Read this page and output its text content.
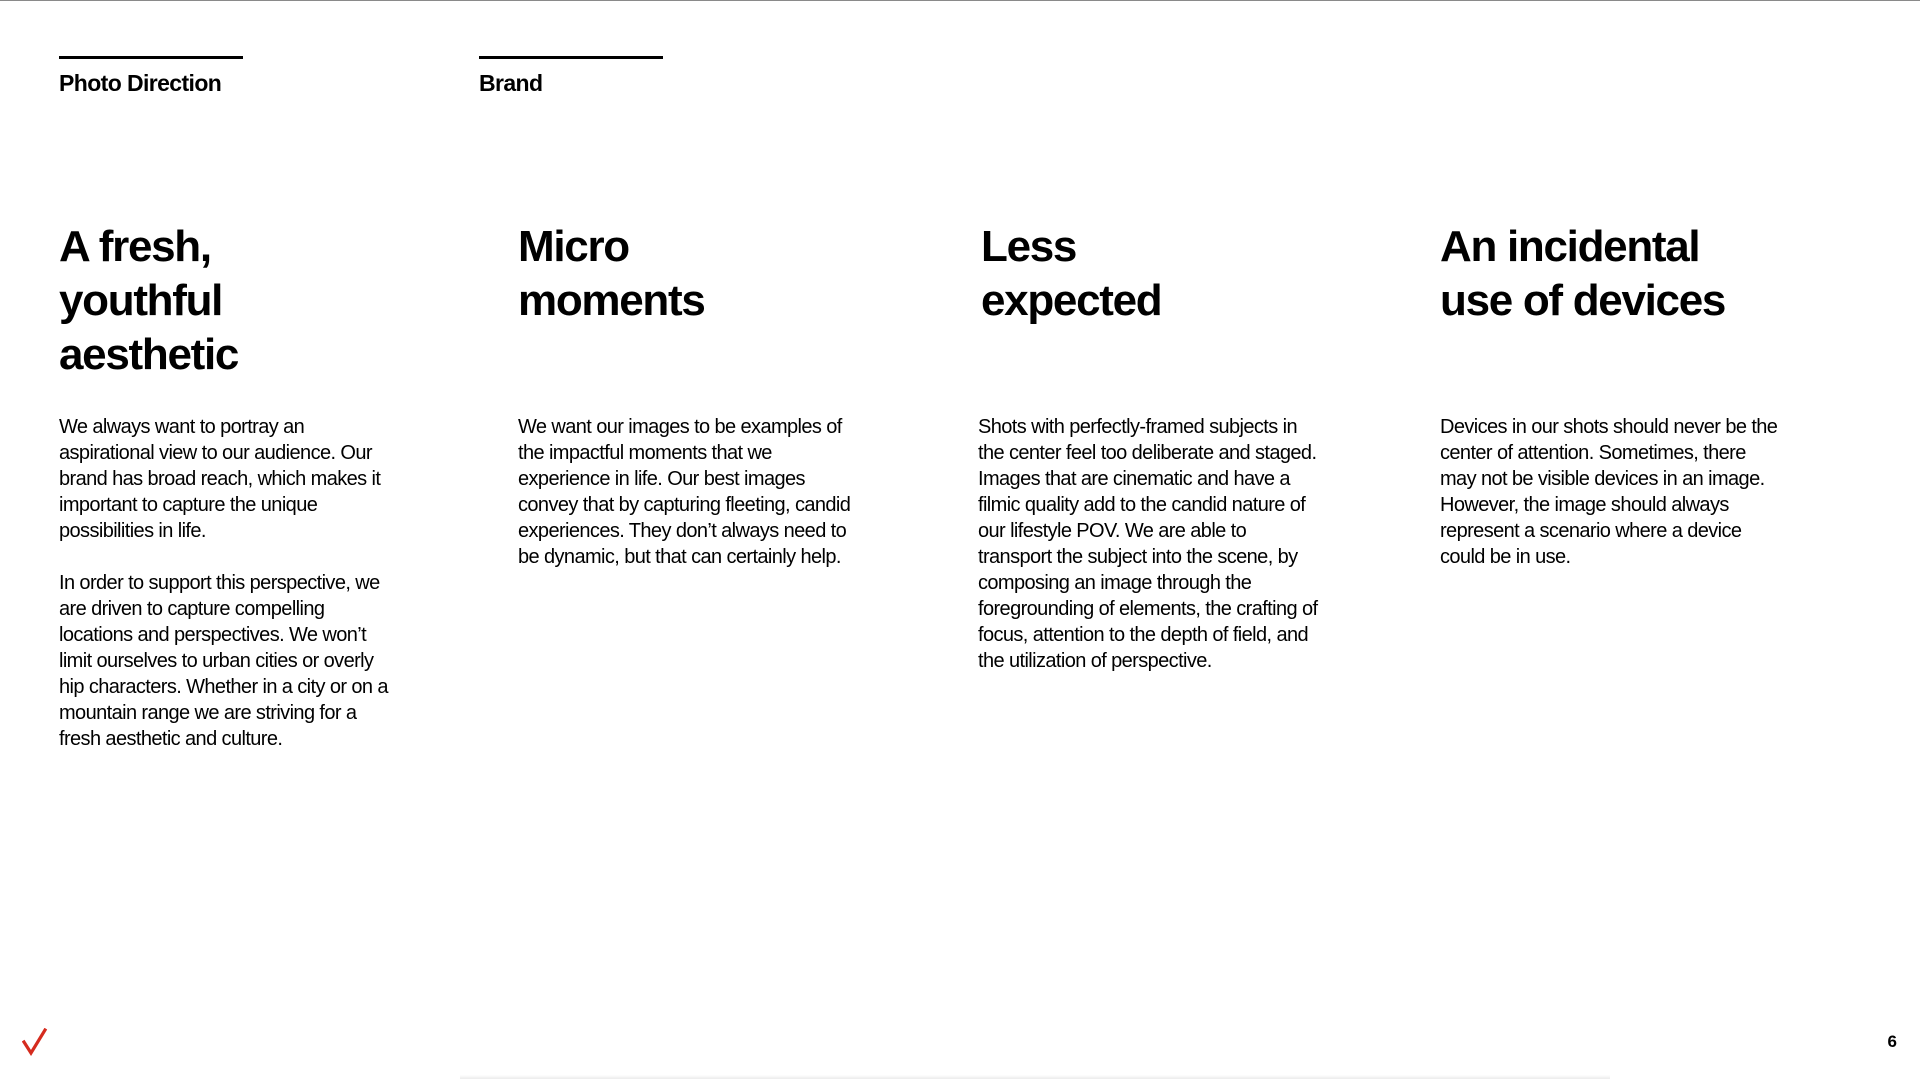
Photo Direction	Brand
A fresh,
youthful
aesthetic

We always want to portray an aspirational view to our audience. Our brand has broad reach, which makes it important to capture the unique possibilities in life.

In order to support this perspective, we are driven to capture compelling locations and perspectives. We won’t limit ourselves to urban cities or overly hip characters. Whether in a city or on a mountain range we are striving for a fresh aesthetic and culture.

Micro
moments

We want our images to be examples of the impactful moments that we experience in life. Our best images convey that by capturing fleeting, candid experiences. They don’t always need to be dynamic, but that can certainly help.

Less
expected

Shots with perfectly-framed subjects in the center feel too deliberate and staged. Images that are cinematic and have a filmic quality add to the candid nature of our lifestyle POV. We are able to transport the subject into the scene, by composing an image through the foregrounding of elements, the crafting of focus, attention to the depth of field, and the utilization of perspective.

An incidental
use of devices

Devices in our shots should never be the center of attention. Sometimes, there may not be visible devices in an image. However, the image should always represent a scenario where a device could be in use.

6
